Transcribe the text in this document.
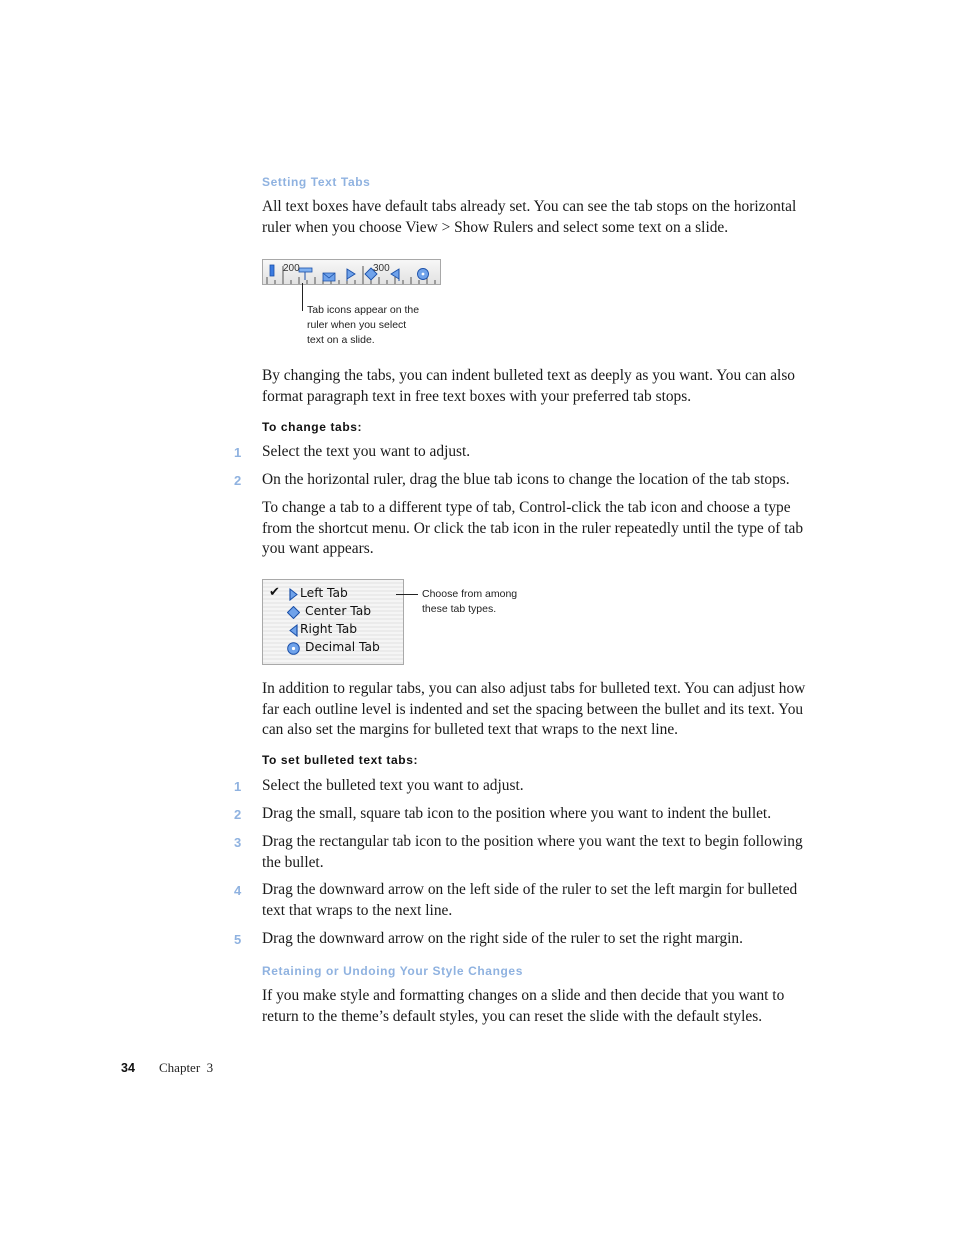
Setting Text Tabs
All text boxes have default tabs already set. You can see the tab stops on the horizontal ruler when you choose View > Show Rulers and select some text on a slide.
200	300
Tab icons appear on the
ruler when you select
text on a slide.
By changing the tabs, you can indent bulleted text as deeply as you want. You can also format paragraph text in free text boxes with your preferred tab stops.
To change tabs:
1	Select the text you want to adjust.
2	On the horizontal ruler, drag the blue tab icons to change the location of the tab stops.
To change a tab to a different type of tab, Control-click the tab icon and choose a type from the shortcut menu. Or click the tab icon in the ruler repeatedly until the type of tab you want appears.
✔ Left Tab
Center Tab
Right Tab
Decimal Tab
Choose from among
these tab types.
In addition to regular tabs, you can also adjust tabs for bulleted text. You can adjust how far each outline level is indented and set the spacing between the bullet and its text. You can also set the margins for bulleted text that wraps to the next line.
To set bulleted text tabs:
1	Select the bulleted text you want to adjust.
2	Drag the small, square tab icon to the position where you want to indent the bullet.
3	Drag the rectangular tab icon to the position where you want the text to begin following the bullet.
4	Drag the downward arrow on the left side of the ruler to set the left margin for bulleted text that wraps to the next line.
5	Drag the downward arrow on the right side of the ruler to set the right margin.
Retaining or Undoing Your Style Changes
If you make style and formatting changes on a slide and then decide that you want to return to the theme’s default styles, you can reset the slide with the default styles.
34 Chapter  3
